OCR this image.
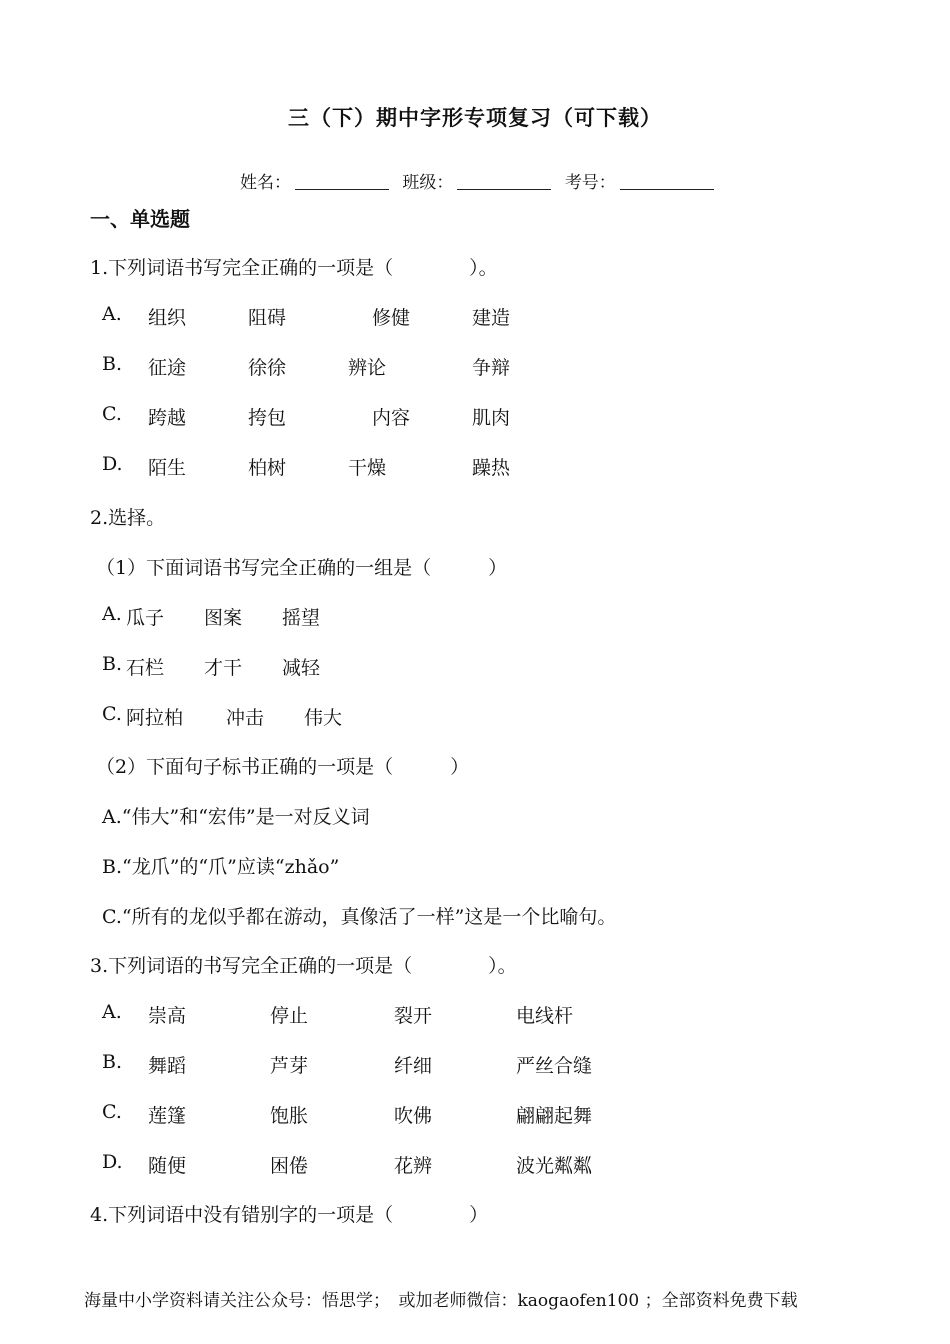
三（下）期中字形专项复习（可下载）
姓名：	班级：	考号：
一、单选题
1.下列词语书写完全正确的一项是（　　　　）。
A. 组织	阻碍	修健	建造
B. 征途	徐徐	辨论	争辩
C. 跨越	挎包	内容	肌肉
D. 陌生	柏树	干燥	躁热
2.选择。
（1）下面词语书写完全正确的一组是（　　　）
A. 瓜子 图案 摇望
B. 石栏 才干 减轻
C. 阿拉柏 冲击 伟大
（2）下面句子标书正确的一项是（　　　）
A.“伟大”和“宏伟”是一对反义词
B.“龙爪”的“爪”应读“zhǎo”
C.“所有的龙似乎都在游动，真像活了一样”这是一个比喻句。
3.下列词语的书写完全正确的一项是（　　　　）。
A. 崇高	停止	裂开	电线杆
B. 舞蹈	芦芽	纤细	严丝合缝
C. 莲篷	饱胀	吹佛	翩翩起舞
D. 随便	困倦	花辨	波光粼粼
4.下列词语中没有错别字的一项是（　　　　）
海量中小学资料请关注公众号：悟思学；　或加老师微信：kaogaofen100 ；全部资料免费下载
